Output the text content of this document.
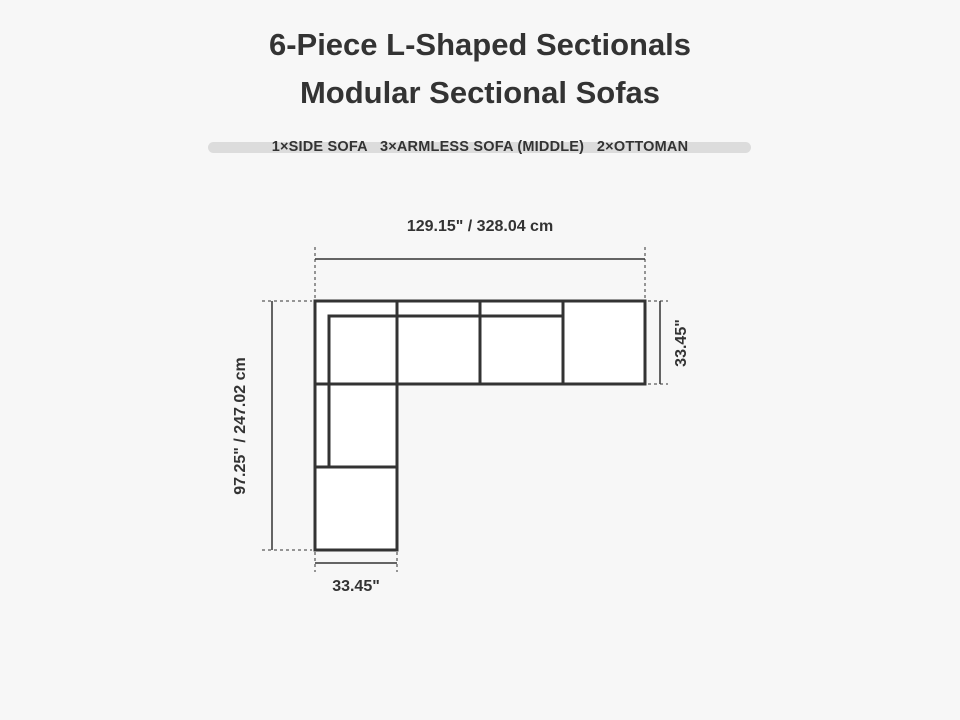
6-Piece L-Shaped Sectionals
Modular Sectional Sofas
1×SIDE SOFA 3×ARMLESS SOFA (MIDDLE) 2×OTTOMAN
129.15" / 328.04 cm
97.25" / 247.02 cm
33.45"
33.45"
